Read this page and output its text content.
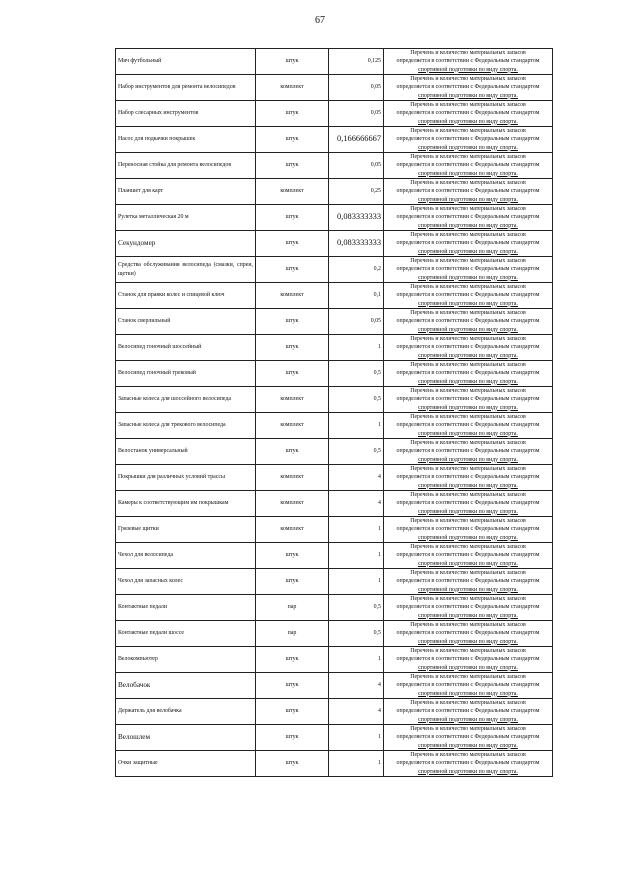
67
Мяч футбольный	штук	0,125	Перечень и количество материальных запасов
определяется в соответствии с Федеральным стандартом
спортивной подготовки по виду спорта.

Набор инструментов для ремонта велосипедов	комплект	0,05	Перечень и количество материальных запасов
определяется в соответствии с Федеральным стандартом
спортивной подготовки по виду спорта.

Набор слесарных инструментов	штук	0,05	Перечень и количество материальных запасов
определяется в соответствии с Федеральным стандартом
спортивной подготовки по виду спорта.

Насос для подкачки покрышек	штук	0,166666667	Перечень и количество материальных запасов
определяется в соответствии с Федеральным стандартом
спортивной подготовки по виду спорта.

Переносная стойка для ремонта велосипедов	штук	0,05	Перечень и количество материальных запасов
определяется в соответствии с Федеральным стандартом
спортивной подготовки по виду спорта.

Планшет для карт	комплект	0,25	Перечень и количество материальных запасов
определяется в соответствии с Федеральным стандартом
спортивной подготовки по виду спорта.

Рулетка металлическая 20 м	штук	0,083333333	Перечень и количество материальных запасов
определяется в соответствии с Федеральным стандартом
спортивной подготовки по виду спорта.

Секундомер	штук	0,083333333	Перечень и количество материальных запасов
определяется в соответствии с Федеральным стандартом
спортивной подготовки по виду спорта.

Средства обслуживания велосипеда (смазки, спреи, щетки)	штук	0,2	Перечень и количество материальных запасов
определяется в соответствии с Федеральным стандартом
спортивной подготовки по виду спорта.

Станок для правки колес и спицевой ключ	комплект	0,1	Перечень и количество материальных запасов
определяется в соответствии с Федеральным стандартом
спортивной подготовки по виду спорта.

Станок сверлильный	штук	0,05	Перечень и количество материальных запасов
определяется в соответствии с Федеральным стандартом
спортивной подготовки по виду спорта.

Велосипед гоночный шоссейный	штук	1	Перечень и количество материальных запасов
определяется в соответствии с Федеральным стандартом
спортивной подготовки по виду спорта.

Велосипед гоночный трековый	штук	0,5	Перечень и количество материальных запасов
определяется в соответствии с Федеральным стандартом
спортивной подготовки по виду спорта.

Запасные колеса для шоссейного велосипеда	комплект	0,5	Перечень и количество материальных запасов
определяется в соответствии с Федеральным стандартом
спортивной подготовки по виду спорта.

Запасные колеса для трекового велосипеда	комплект	1	Перечень и количество материальных запасов
определяется в соответствии с Федеральным стандартом
спортивной подготовки по виду спорта.

Велостанок универсальный	штук	0,5	Перечень и количество материальных запасов
определяется в соответствии с Федеральным стандартом
спортивной подготовки по виду спорта.

Покрышки для различных условий трассы	комплект	4	Перечень и количество материальных запасов
определяется в соответствии с Федеральным стандартом
спортивной подготовки по виду спорта.

Камеры к соответствующим им покрышкам	комплект	4	Перечень и количество материальных запасов
определяется в соответствии с Федеральным стандартом
спортивной подготовки по виду спорта.

Грязевые щитки	комплект	1	Перечень и количество материальных запасов
определяется в соответствии с Федеральным стандартом
спортивной подготовки по виду спорта.

Чехол для велосипеда	штук	1	Перечень и количество материальных запасов
определяется в соответствии с Федеральным стандартом
спортивной подготовки по виду спорта.

Чехол для запасных колес	штук	1	Перечень и количество материальных запасов
определяется в соответствии с Федеральным стандартом
спортивной подготовки по виду спорта.

Контактные педали	пар	0,5	Перечень и количество материальных запасов
определяется в соответствии с Федеральным стандартом
спортивной подготовки по виду спорта.

Контактные педали шоссе	пар	0,5	Перечень и количество материальных запасов
определяется в соответствии с Федеральным стандартом
спортивной подготовки по виду спорта.

Велокомпьютер	штук	1	Перечень и количество материальных запасов
определяется в соответствии с Федеральным стандартом
спортивной подготовки по виду спорта.

Велобачок	штук	4	Перечень и количество материальных запасов
определяется в соответствии с Федеральным стандартом
спортивной подготовки по виду спорта.

Держатель для велобачка	штук	4	Перечень и количество материальных запасов
определяется в соответствии с Федеральным стандартом
спортивной подготовки по виду спорта.

Велошлем	штук	1	Перечень и количество материальных запасов
определяется в соответствии с Федеральным стандартом
спортивной подготовки по виду спорта.

Очки защитные	штук	1	Перечень и количество материальных запасов
определяется в соответствии с Федеральным стандартом
спортивной подготовки по виду спорта.
